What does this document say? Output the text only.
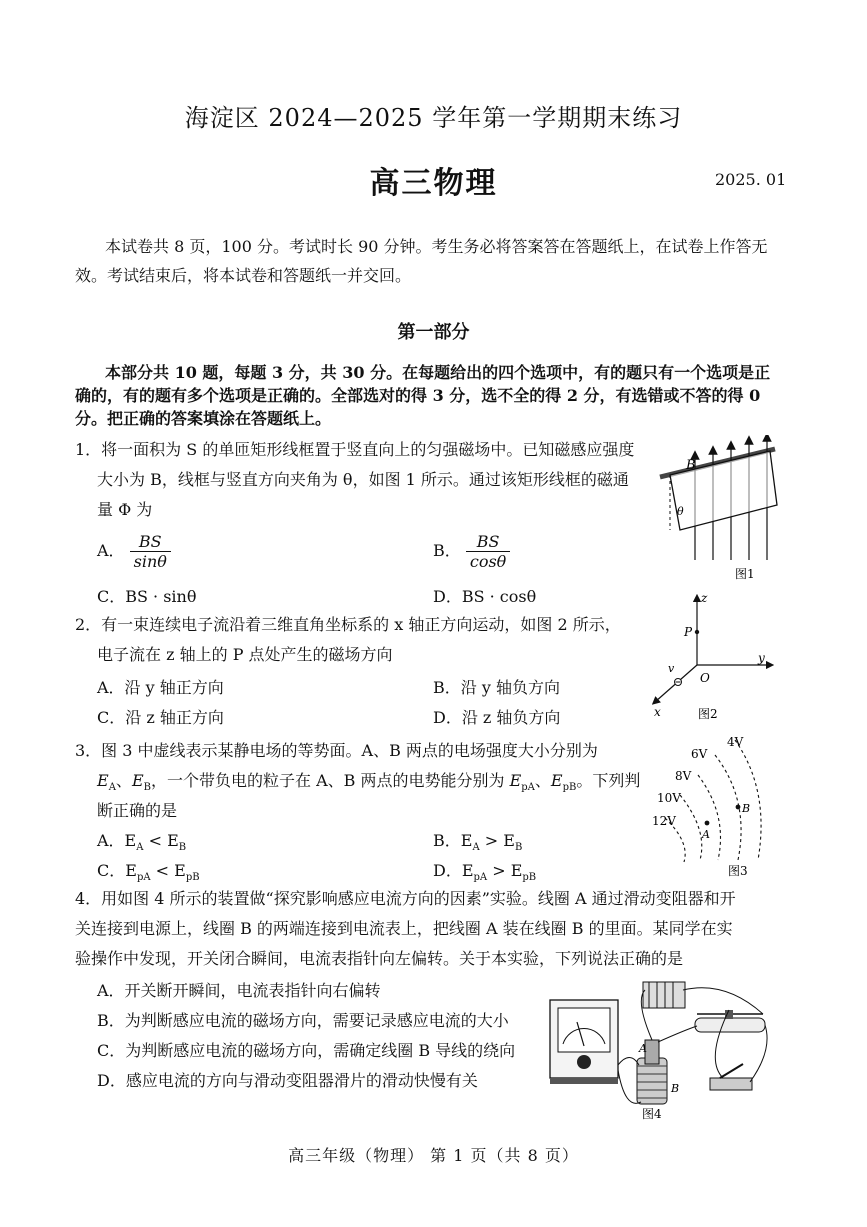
海淀区 2024—2025 学年第一学期期末练习
高三物理	2025. 01
本试卷共 8 页，100 分。考试时长 90 分钟。考生务必将答案答在答题纸上，在试卷上作答无
效。考试结束后，将本试卷和答题纸一并交回。
第一部分
本部分共 10 题，每题 3 分，共 30 分。在每题给出的四个选项中，有的题只有一个选项是正
确的，有的题有多个选项是正确的。全部选对的得 3 分，选不全的得 2 分，有选错或不答的得 0
分。把正确的答案填涂在答题纸上。
1．将一面积为 S 的单匝矩形线框置于竖直向上的匀强磁场中。已知磁感应强度
大小为 B，线框与竖直方向夹角为 θ，如图 1 所示。通过该矩形线框的磁通
量 Φ 为
A． $\frac{BS}{\sin\theta}$	B． $\frac{BS}{\cos\theta}$
C．BS · sinθ	D．BS · cosθ
B
θ
图1
2．有一束连续电子流沿着三维直角坐标系的 x 轴正方向运动，如图 2 所示，
电子流在 z 轴上的 P 点处产生的磁场方向
A．沿 y 轴正方向	B．沿 y 轴负方向
C．沿 z 轴正方向	D．沿 z 轴负方向
z
P
O
y
x
v
图2
3．图 3 中虚线表示某静电场的等势面。A、B 两点的电场强度大小分别为
$E_A$、$E_B$，一个带负电的粒子在 A、B 两点的电势能分别为 $E_{pA}$、$E_{pB}$。下列判
断正确的是
A．$E_A < E_B$	B．$E_A > E_B$
C．$E_{pA} < E_{pB}$	D．$E_{pA} > E_{pB}$
4V
6V
8V
10V
12V
B
A
图3
4．用如图 4 所示的装置做“探究影响感应电流方向的因素”实验。线圈 A 通过滑动变阻器和开
关连接到电源上，线圈 B 的两端连接到电流表上，把线圈 A 装在线圈 B 的里面。某同学在实
验操作中发现，开关闭合瞬间，电流表指针向左偏转。关于本实验，下列说法正确的是
A．开关断开瞬间，电流表指针向右偏转
B．为判断感应电流的磁场方向，需要记录感应电流的大小
C．为判断感应电流的磁场方向，需确定线圈 B 导线的绕向
D．感应电流的方向与滑动变阻器滑片的滑动快慢有关
A
B
图4
高三年级（物理） 第 1 页（共 8 页）
